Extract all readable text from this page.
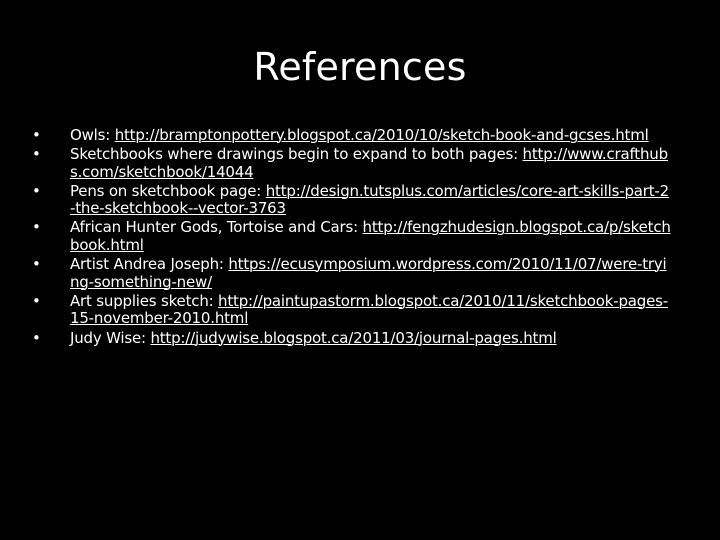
References
•	Owls: http://bramptonpottery.blogspot.ca/2010/10/sketch-book-and-gcses.html
•	Sketchbooks where drawings begin to expand to both pages: http://www.crafthubs.com/sketchbook/14044
•	Pens on sketchbook page: http://design.tutsplus.com/articles/core-art-skills-part-2-the-sketchbook--vector-3763
•	African Hunter Gods, Tortoise and Cars: http://fengzhudesign.blogspot.ca/p/sketchbook.html
•	Artist Andrea Joseph: https://ecusymposium.wordpress.com/2010/11/07/were-trying-something-new/
•	Art supplies sketch: http://paintupastorm.blogspot.ca/2010/11/sketchbook-pages-15-november-2010.html
•	Judy Wise: http://judywise.blogspot.ca/2011/03/journal-pages.html
